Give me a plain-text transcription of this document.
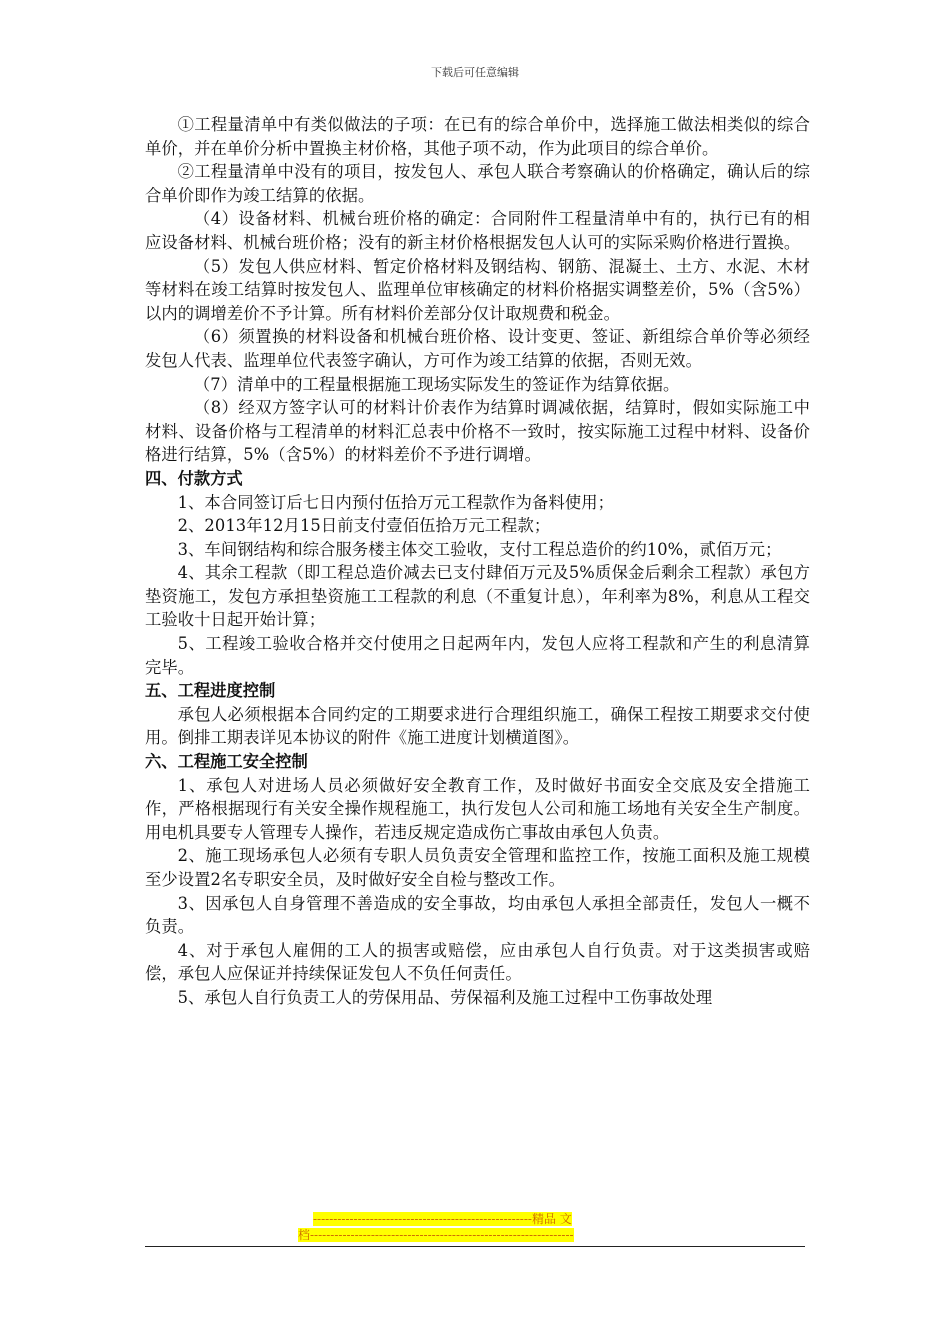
下载后可任意编辑

①工程量清单中有类似做法的子项：在已有的综合单价中，选择施工做法相类似的综合单价，并在单价分析中置换主材价格，其他子项不动，作为此项目的综合单价。

②工程量清单中没有的项目，按发包人、承包人联合考察确认的价格确定，确认后的综合单价即作为竣工结算的依据。

（4）设备材料、机械台班价格的确定：合同附件工程量清单中有的，执行已有的相应设备材料、机械台班价格；没有的新主材价格根据发包人认可的实际采购价格进行置换。

（5）发包人供应材料、暂定价格材料及钢结构、钢筋、混凝土、土方、水泥、木材等材料在竣工结算时按发包人、监理单位审核确定的材料价格据实调整差价，5%（含5%）以内的调增差价不予计算。所有材料价差部分仅计取规费和税金。

（6）须置换的材料设备和机械台班价格、设计变更、签证、新组综合单价等必须经发包人代表、监理单位代表签字确认，方可作为竣工结算的依据，否则无效。

（7）清单中的工程量根据施工现场实际发生的签证作为结算依据。

（8）经双方签字认可的材料计价表作为结算时调减依据，结算时，假如实际施工中材料、设备价格与工程清单的材料汇总表中价格不一致时，按实际施工过程中材料、设备价格进行结算，5%（含5%）的材料差价不予进行调增。

四、付款方式

1、本合同签订后七日内预付伍拾万元工程款作为备料使用；

2、2013年12月15日前支付壹佰伍拾万元工程款；

3、车间钢结构和综合服务楼主体交工验收，支付工程总造价的约10%，贰佰万元；

4、其余工程款（即工程总造价减去已支付肆佰万元及5%质保金后剩余工程款）承包方垫资施工，发包方承担垫资施工工程款的利息（不重复计息），年利率为8%，利息从工程交工验收十日起开始计算；

5、工程竣工验收合格并交付使用之日起两年内，发包人应将工程款和产生的利息清算完毕。

五、工程进度控制

承包人必须根据本合同约定的工期要求进行合理组织施工，确保工程按工期要求交付使用。倒排工期表详见本协议的附件《施工进度计划横道图》。

六、工程施工安全控制

1、承包人对进场人员必须做好安全教育工作，及时做好书面安全交底及安全措施工作，严格根据现行有关安全操作规程施工，执行发包人公司和施工场地有关安全生产制度。用电机具要专人管理专人操作，若违反规定造成伤亡事故由承包人负责。

2、施工现场承包人必须有专职人员负责安全管理和监控工作，按施工面积及施工规模至少设置2名专职安全员，及时做好安全自检与整改工作。

3、因承包人自身管理不善造成的安全事故，均由承包人承担全部责任，发包人一概不负责。

4、对于承包人雇佣的工人的损害或赔偿，应由承包人自行负责。对于这类损害或赔偿，承包人应保证并持续保证发包人不负任何责任。

5、承包人自行负责工人的劳保用品、劳保福利及施工过程中工伤事故处理

------------------------------------------------------精品 文
档-----------------------------------------------------------------
